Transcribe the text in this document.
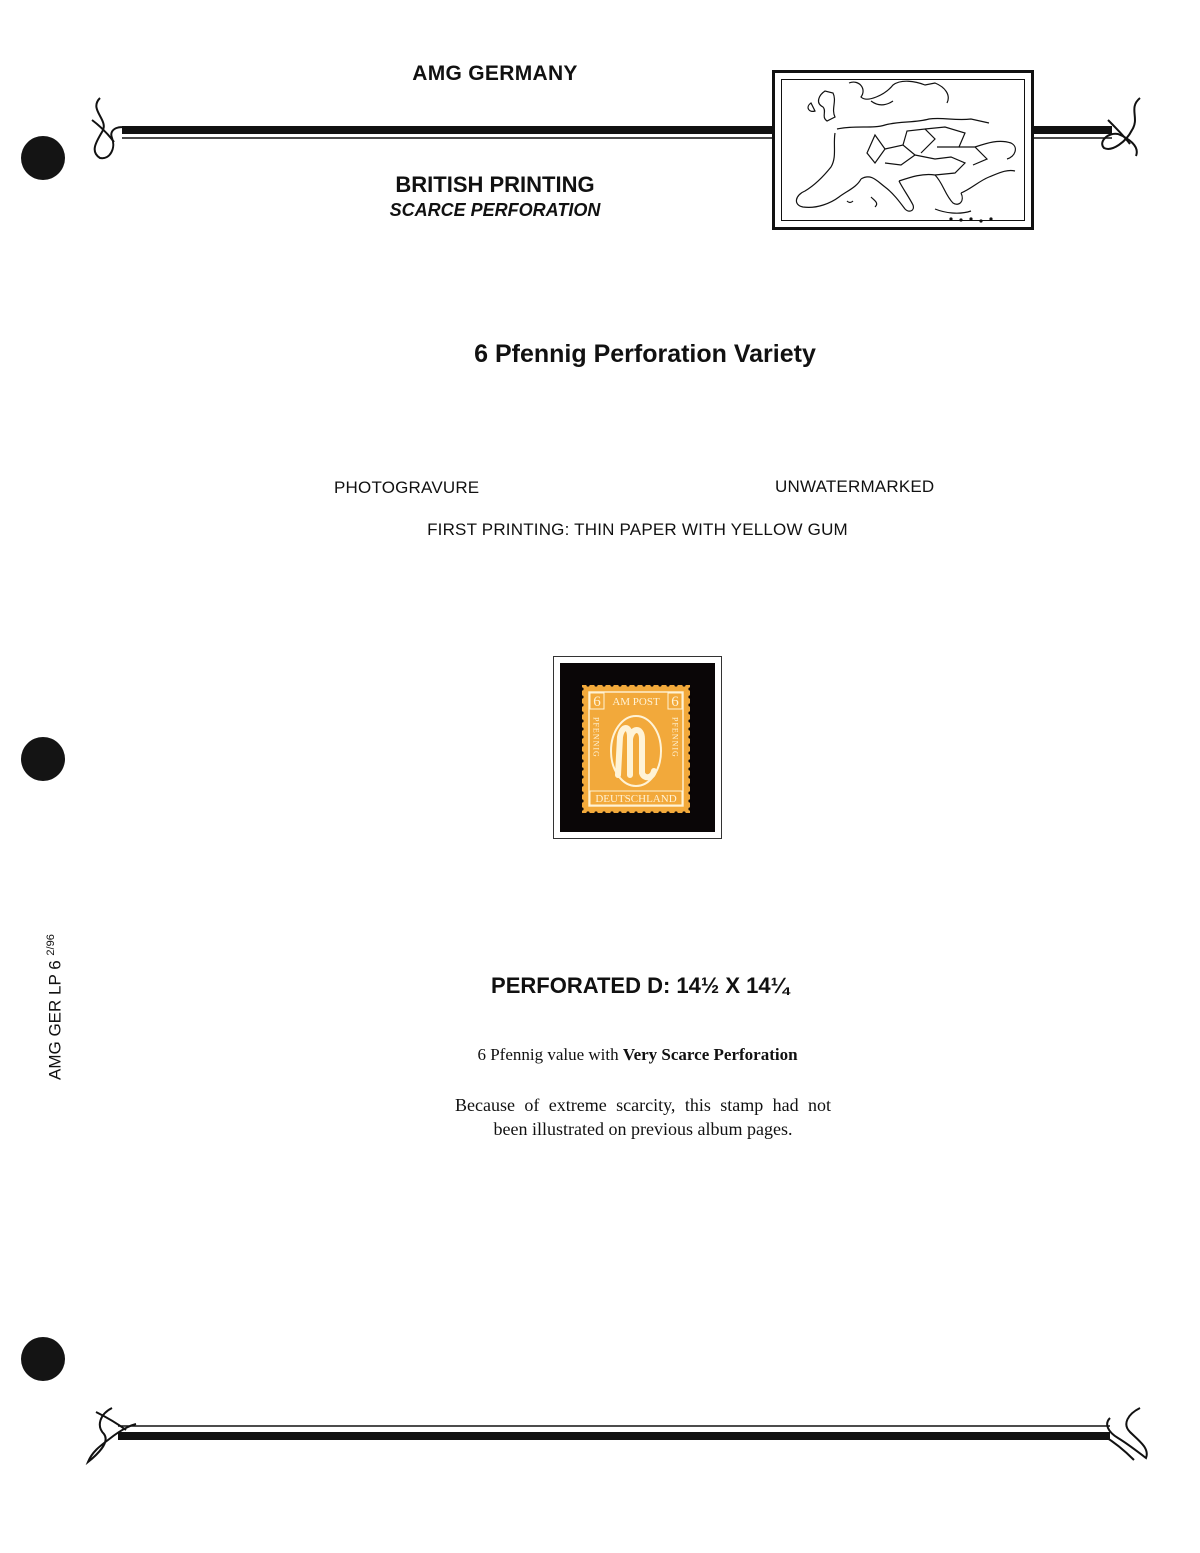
AMG GERMANY
BRITISH PRINTING
SCARCE PERFORATION
6 Pfennig Perforation Variety
PHOTOGRAVURE	UNWATERMARKED
FIRST PRINTING: THIN PAPER WITH YELLOW GUM
6	6
AM POST
DEUTSCHLAND
PFENNIG	PFENNIG
PERFORATED D: 14½ X 14¼
6 Pfennig value with Very Scarce Perforation
Because of extreme scarcity, this stamp had not been illustrated on previous album pages.
AMG GER LP 6 $^{2/96}$
